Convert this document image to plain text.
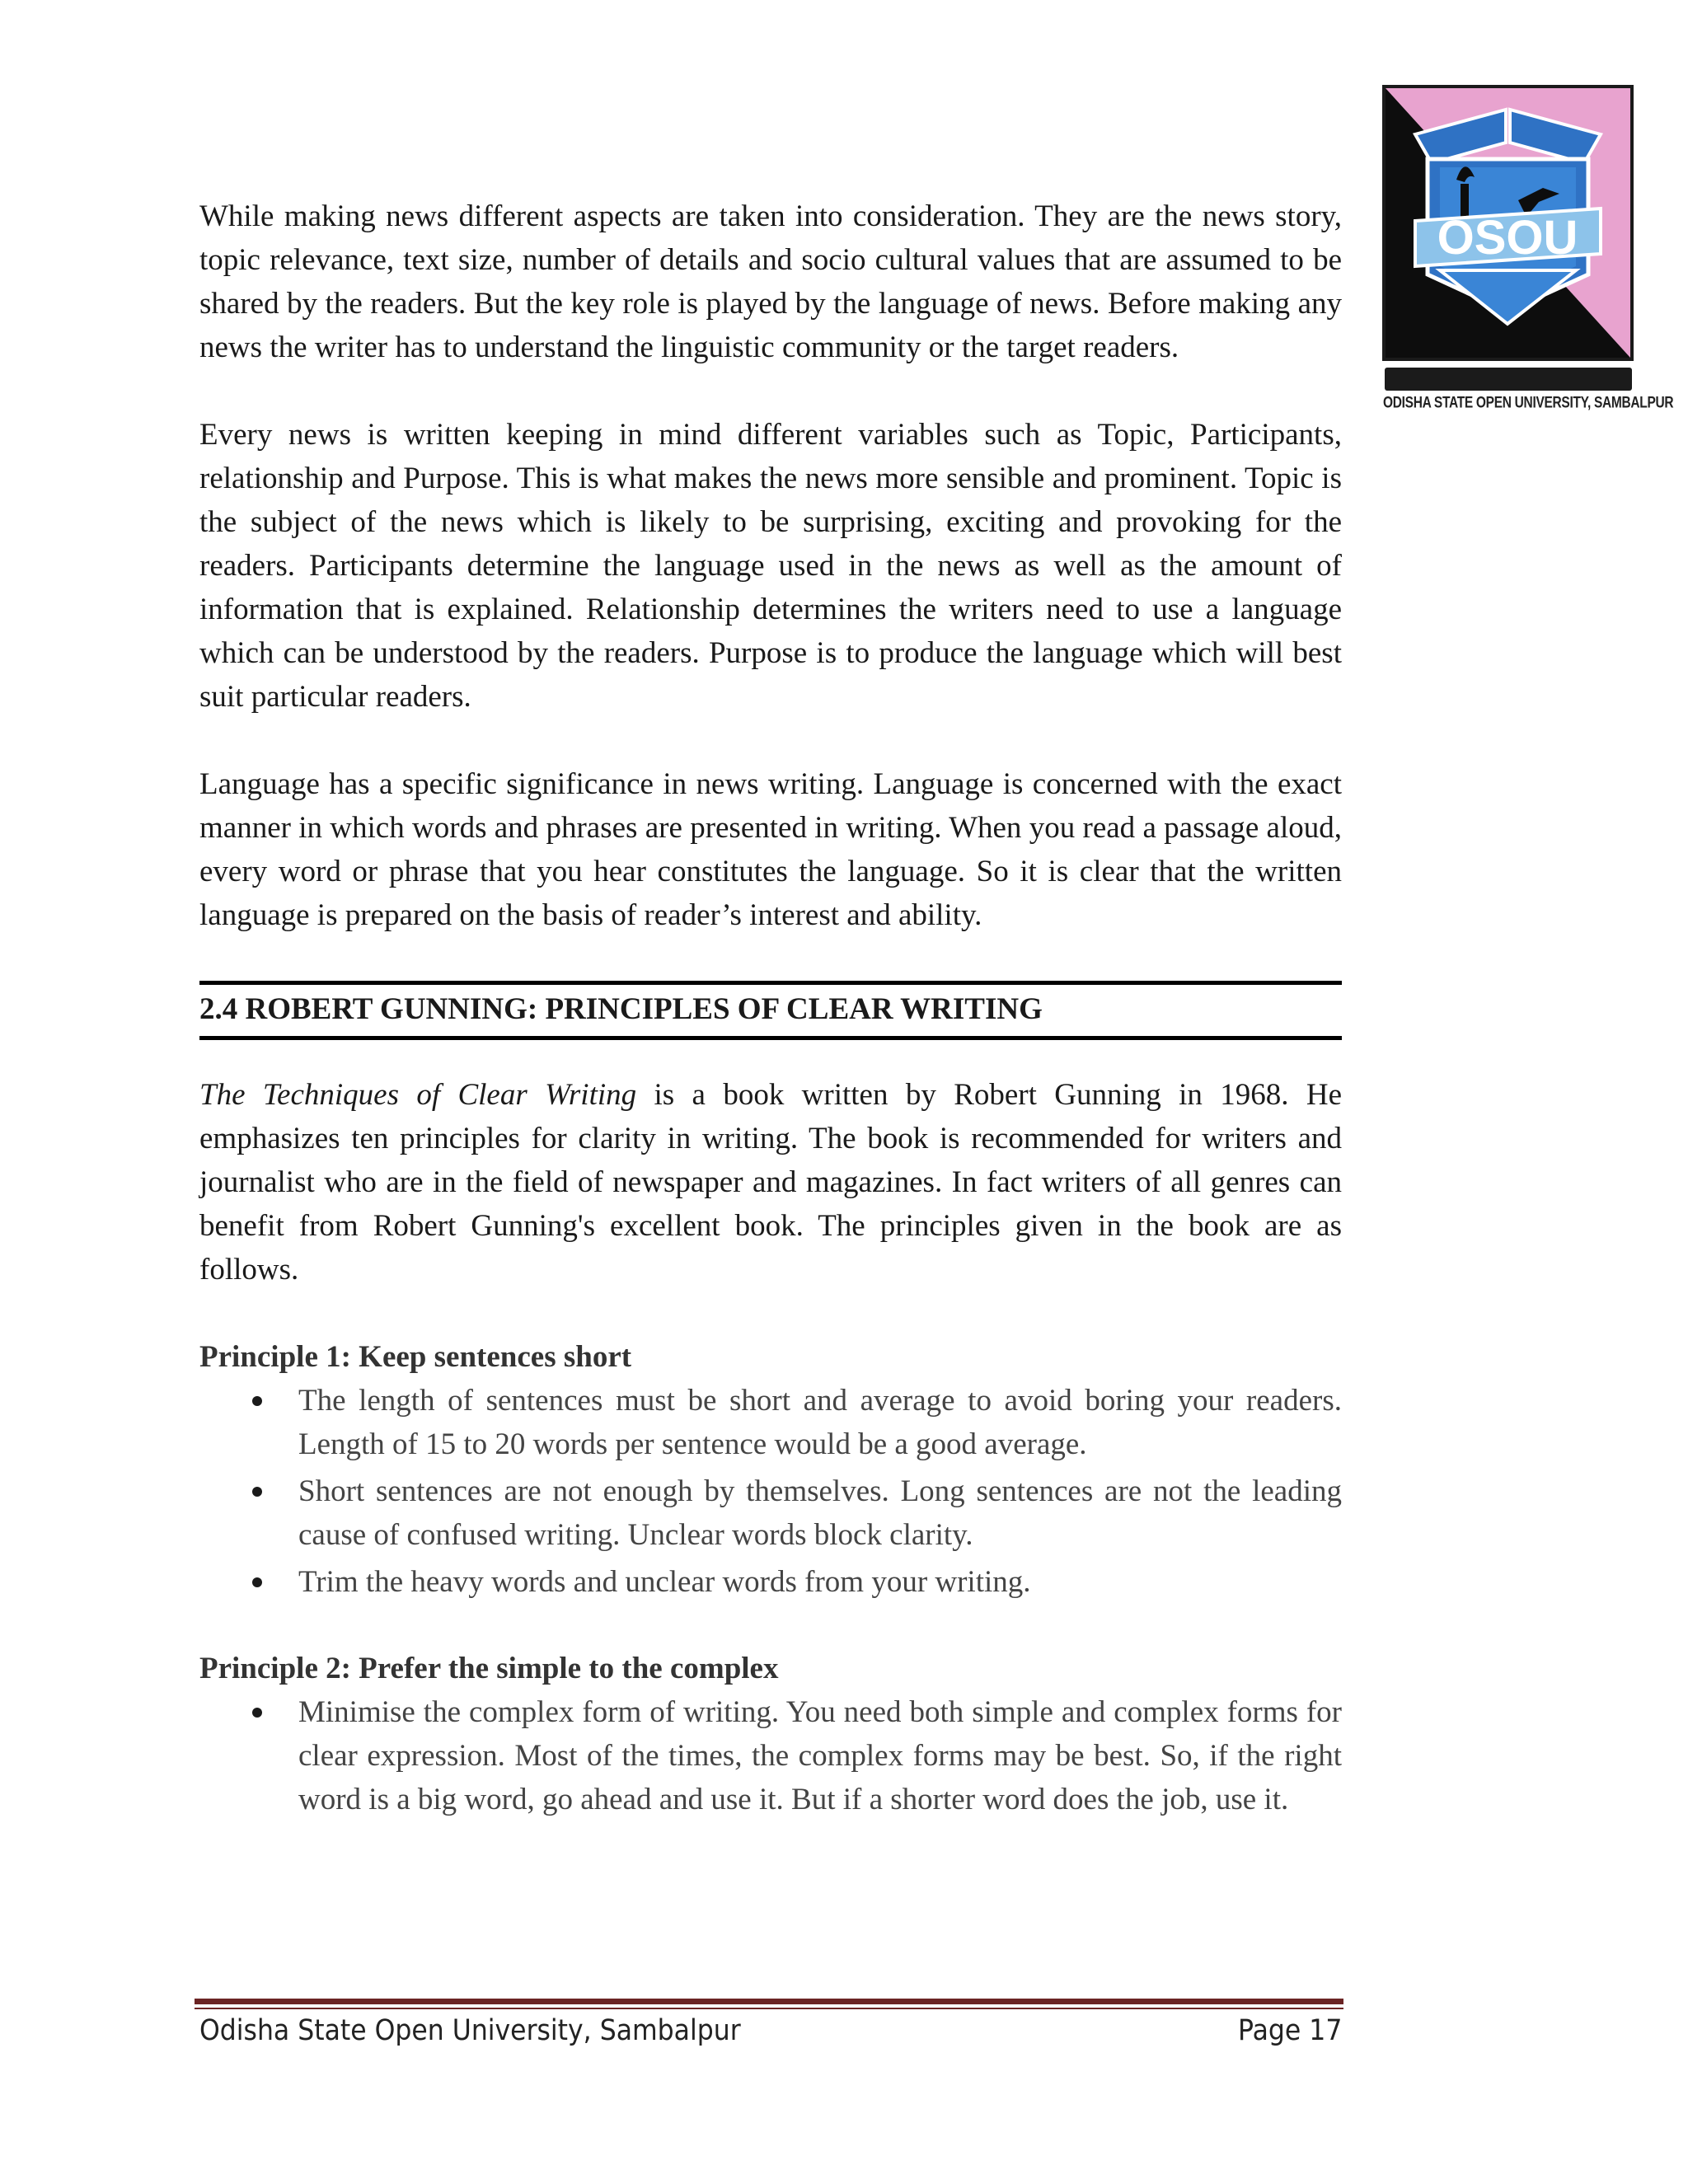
OSOU
ODISHA STATE OPEN UNIVERSITY, SAMBALPUR

While making news different aspects are taken into consideration. They are the news story, topic relevance, text size, number of details and socio cultural values that are assumed to be shared by the readers. But the key role is played by the language of news. Before making any news the writer has to understand the linguistic community or the target readers.

Every news is written keeping in mind different variables such as Topic, Participants, relationship and Purpose. This is what makes the news more sensible and prominent. Topic is the subject of the news which is likely to be surprising, exciting and provoking for the readers. Participants determine the language used in the news as well as the amount of information that is explained. Relationship determines the writers need to use a language which can be understood by the readers. Purpose is to produce the language which will best suit particular readers.

Language has a specific significance in news writing. Language is concerned with the exact manner in which words and phrases are presented in writing. When you read a passage aloud, every word or phrase that you hear constitutes the language. So it is clear that the written language is prepared on the basis of reader’s interest and ability.

2.4 ROBERT GUNNING: PRINCIPLES OF CLEAR WRITING

The Techniques of Clear Writing is a book written by Robert Gunning in 1968. He emphasizes ten principles for clarity in writing. The book is recommended for writers and journalist who are in the field of newspaper and magazines. In fact writers of all genres can benefit from Robert Gunning's excellent book. The principles given in the book are as follows.

Principle 1: Keep sentences short

The length of sentences must be short and average to avoid boring your readers. Length of 15 to 20 words per sentence would be a good average.
Short sentences are not enough by themselves. Long sentences are not the leading cause of confused writing. Unclear words block clarity.
Trim the heavy words and unclear words from your writing.

Principle 2: Prefer the simple to the complex

Minimise the complex form of writing. You need both simple and complex forms for clear expression. Most of the times, the complex forms may be best. So, if the right word is a big word, go ahead and use it. But if a shorter word does the job, use it.
Odisha State Open University, Sambalpur	Page 17
